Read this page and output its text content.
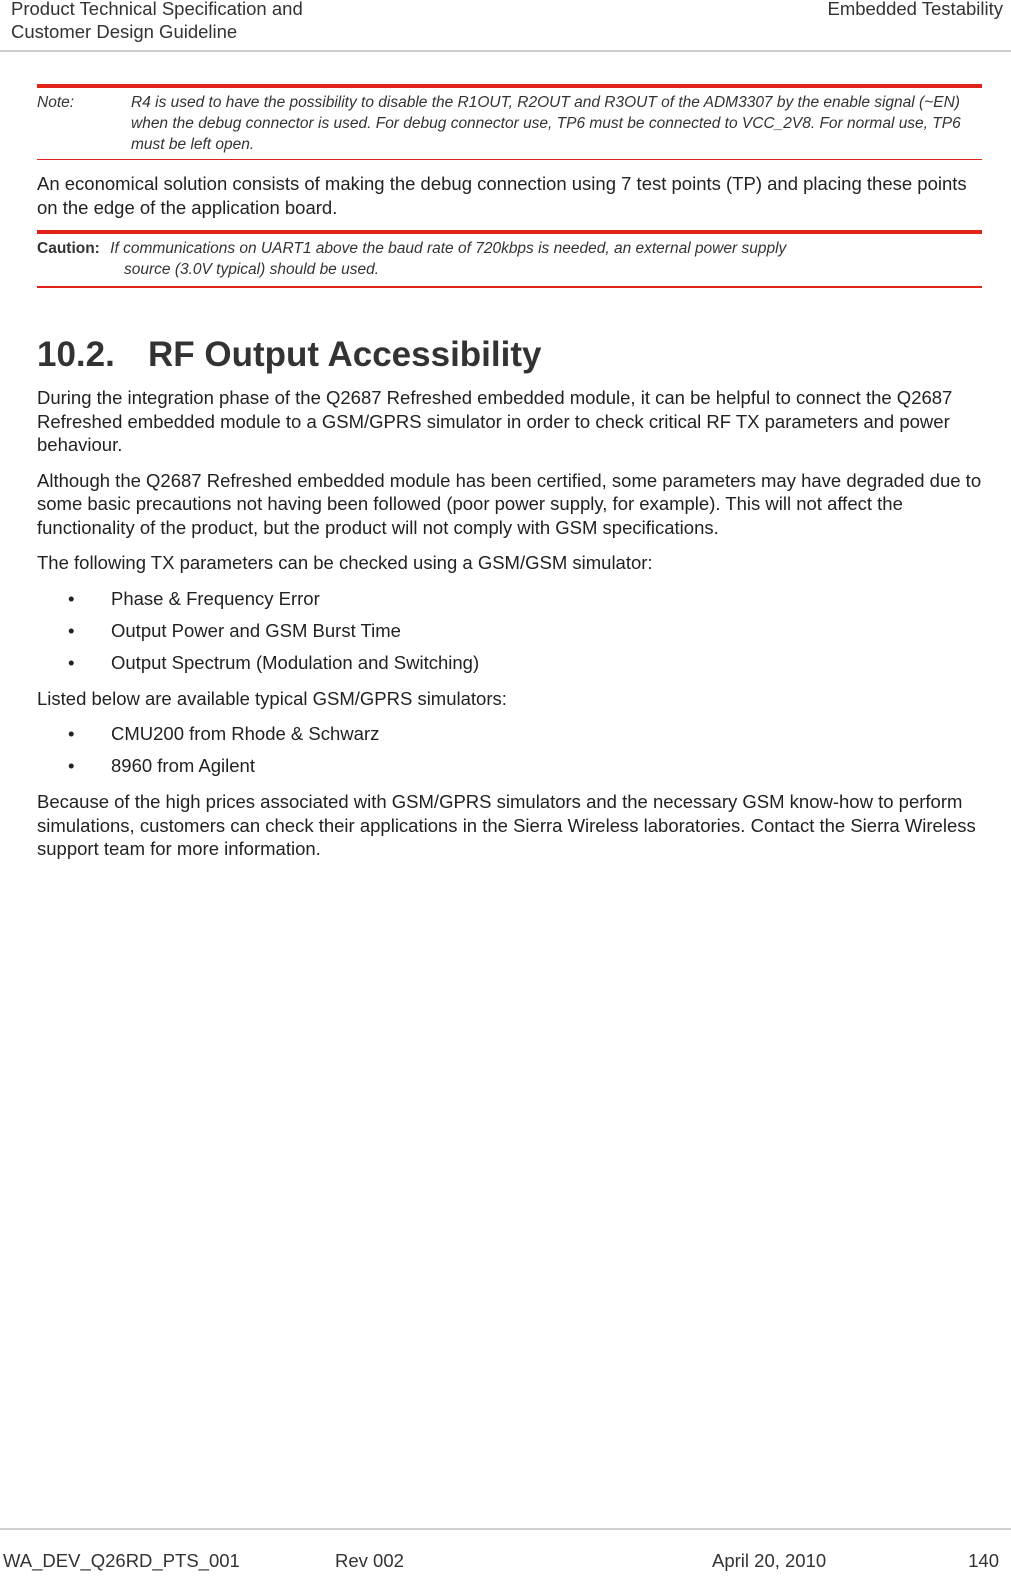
Product Technical Specification and
Customer Design Guideline
Embedded Testability
Note:	R4 is used to have the possibility to disable the R1OUT, R2OUT and R3OUT of the ADM3307 by the enable signal (~EN) when the debug connector is used. For debug connector use, TP6 must be connected to VCC_2V8. For normal use, TP6 must be left open.

An economical solution consists of making the debug connection using 7 test points (TP) and placing these points on the edge of the application board.

Caution: If communications on UART1 above the baud rate of 720kbps is needed, an external power supply
source (3.0V typical) should be used.
10.2. RF Output Accessibility

During the integration phase of the Q2687 Refreshed embedded module, it can be helpful to connect the Q2687 Refreshed embedded module to a GSM/GPRS simulator in order to check critical RF TX parameters and power behaviour.

Although the Q2687 Refreshed embedded module has been certified, some parameters may have degraded due to some basic precautions not having been followed (poor power supply, for example). This will not affect the functionality of the product, but the product will not comply with GSM specifications.

The following TX parameters can be checked using a GSM/GSM simulator:

• Phase & Frequency Error
• Output Power and GSM Burst Time
• Output Spectrum (Modulation and Switching)

Listed below are available typical GSM/GPRS simulators:

• CMU200 from Rhode & Schwarz
• 8960 from Agilent

Because of the high prices associated with GSM/GPRS simulators and the necessary GSM know-how to perform simulations, customers can check their applications in the Sierra Wireless laboratories. Contact the Sierra Wireless support team for more information.

WA_DEV_Q26RD_PTS_001	Rev 002	April 20, 2010	140
